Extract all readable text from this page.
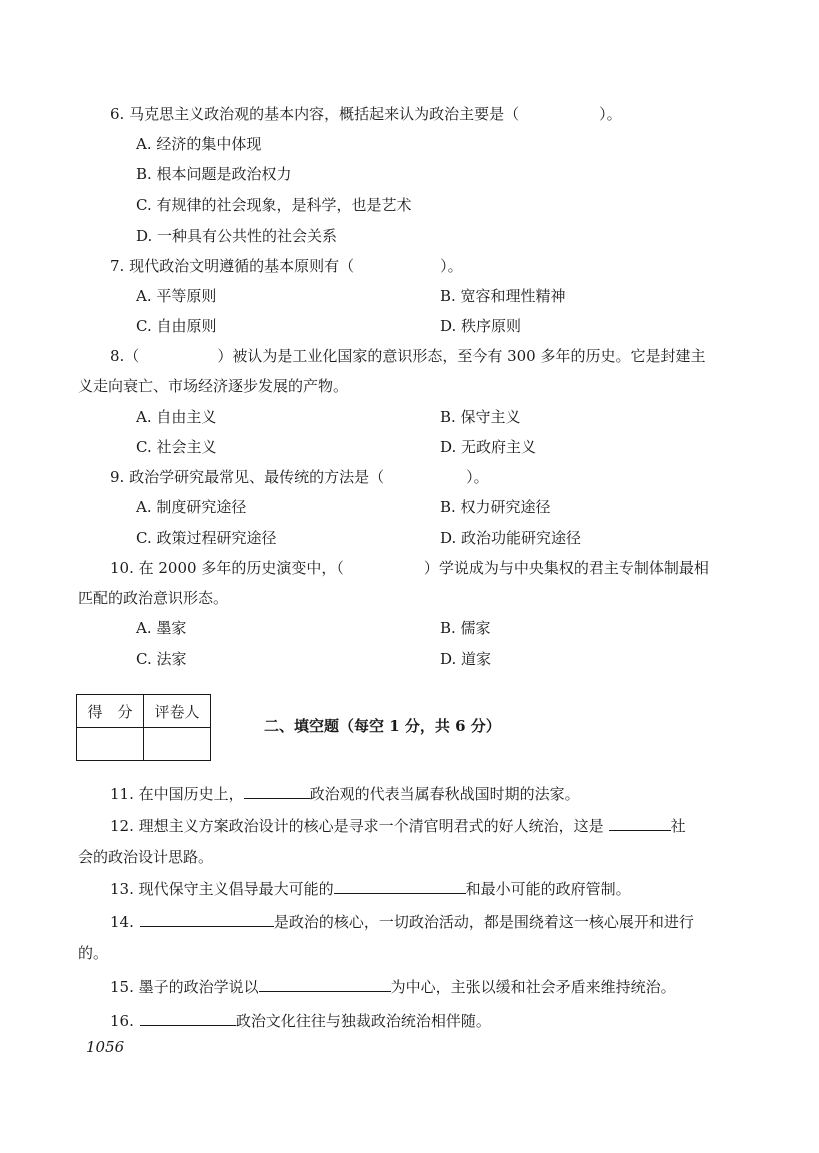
6. 马克思主义政治观的基本内容，概括起来认为政治主要是（	）。
A. 经济的集中体现
B. 根本问题是政治权力
C. 有规律的社会现象，是科学，也是艺术
D. 一种具有公共性的社会关系
7. 现代政治文明遵循的基本原则有（	）。
A. 平等原则	B. 宽容和理性精神
C. 自由原则	D. 秩序原则
8.（	）被认为是工业化国家的意识形态，至今有 300 多年的历史。它是封建主
义走向衰亡、市场经济逐步发展的产物。
A. 自由主义	B. 保守主义
C. 社会主义	D. 无政府主义
9. 政治学研究最常见、最传统的方法是（	）。
A. 制度研究途径	B. 权力研究途径
C. 政策过程研究途径	D. 政治功能研究途径
10. 在 2000 多年的历史演变中，（	）学说成为与中央集权的君主专制体制最相
匹配的政治意识形态。
A. 墨家	B. 儒家
C. 法家	D. 道家
得　分	评卷人

二、填空题（每空 1 分，共 6 分）
11. 在中国历史上，	政治观的代表当属春秋战国时期的法家。
12. 理想主义方案政治设计的核心是寻求一个清官明君式的好人统治，这是	社
会的政治设计思路。
13. 现代保守主义倡导最大可能的	和最小可能的政府管制。
14.	是政治的核心，一切政治活动，都是围绕着这一核心展开和进行
的。
15. 墨子的政治学说以	为中心，主张以缓和社会矛盾来维持统治。
16.	政治文化往往与独裁政治统治相伴随。
1056
